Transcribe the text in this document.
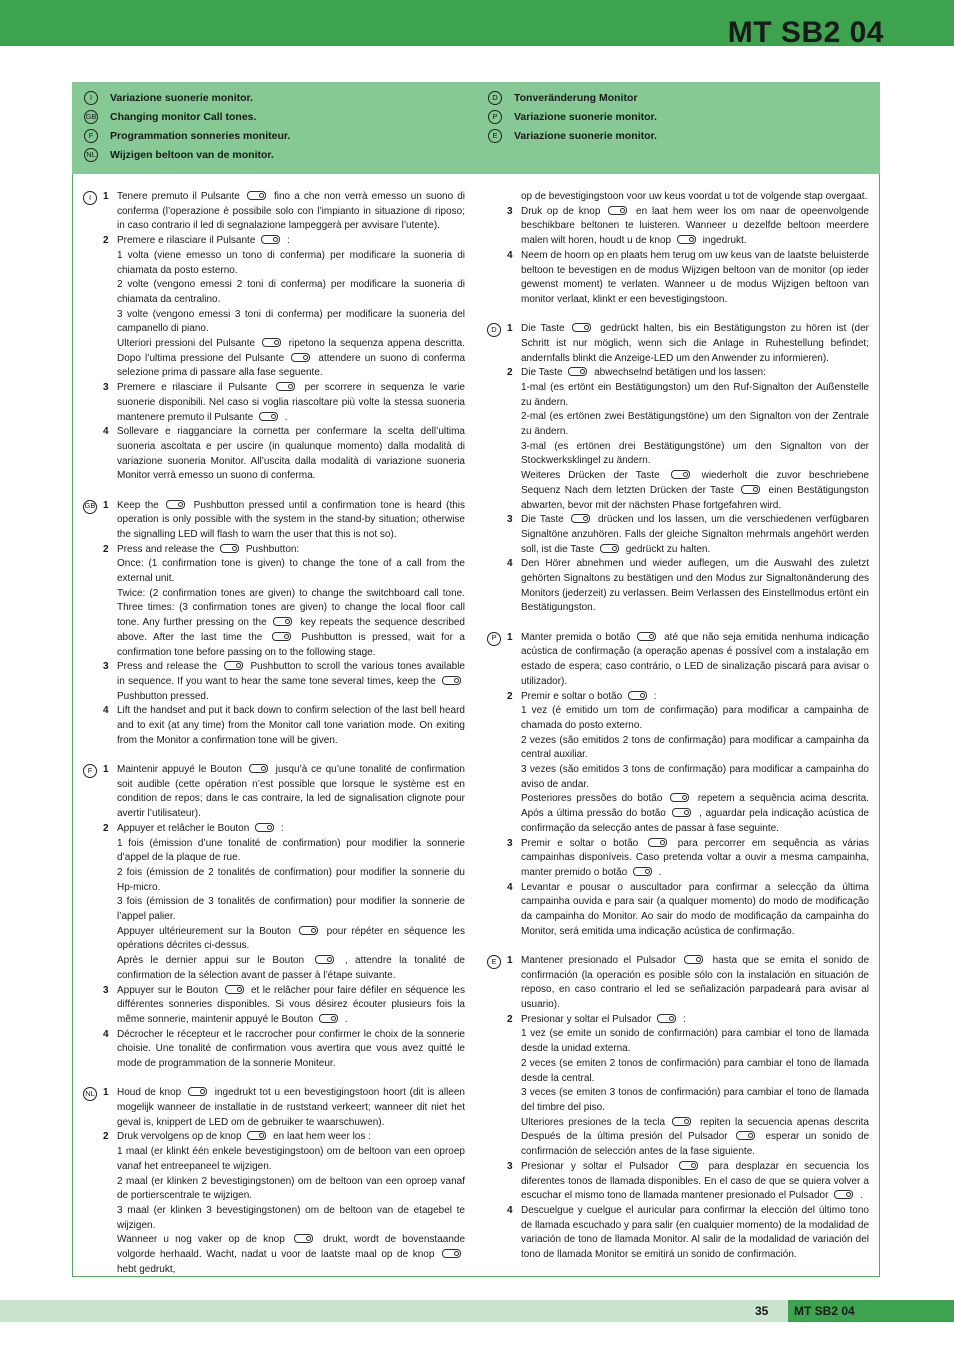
MT SB2 04
I	Variazione suonerie monitor.
GB Changing monitor Call tones.
F	Programmation sonneries moniteur.
NL Wijzigen beltoon van de monitor.
D	Tonveränderung Monitor
P	Variazione suonerie monitor.
E	Variazione suonerie monitor.
I	1 Tenere premuto il Pulsante	fino a che non verrà emesso un suono di conferma (l’operazione è possibile solo con l’impianto in situazione di riposo; in caso contrario il led di segnalazione lampeggerà per avvisare l’utente).

2 Premere e rilasciare il Pulsante	:

1 volta (viene emesso un tono di conferma) per modificare la suoneria di chiamata da posto esterno.

2 volte (vengono emessi 2 toni di conferma) per modificare la suoneria di chiamata da centralino.

3 volte (vengono emessi 3 toni di conferma) per modificare la suoneria del campanello di piano.

Ulteriori pressioni del Pulsante	ripetono la sequenza appena descritta. Dopo l’ultima pressione del Pulsante	attendere un suono di conferma selezione prima di passare alla fase seguente.

3 Premere e rilasciare il Pulsante	per scorrere in sequenza le varie suonerie disponibili. Nel caso si voglia riascoltare più volte la stessa suoneria mantenere premuto il Pulsante	.

4 Sollevare e riagganciare la cornetta per confermare la scelta dell’ultima suoneria ascoltata e per uscire (in qualunque momento) dalla modalità di variazione suoneria Monitor. All’uscita dalla modalità di variazione suoneria Monitor verrà emesso un suono di conferma.

GB 1 Keep the	Pushbutton pressed until a confirmation tone is heard (this operation is only possible with the system in the stand-by situation; otherwise the signalling LED will flash to warn the user that this is not so).

2 Press and release the	Pushbutton:

Once: (1 confirmation tone is given) to change the tone of a call from the external unit.

Twice: (2 confirmation tones are given) to change the switchboard call tone. Three times: (3 confirmation tones are given) to change the local floor call tone. Any further pressing on the	key repeats the sequence described above. After the last time the	Pushbutton is pressed, wait for a confirmation tone before passing on to the following stage.

3 Press and release the	Pushbutton to scroll the various tones available in sequence. If you want to hear the same tone several times, keep the  Pushbutton pressed.

4 Lift the handset and put it back down to confirm selection of the last bell heard and to exit (at any time) from the Monitor call tone variation mode. On exiting from the Monitor a confirmation tone will be given.

F	1 Maintenir appuyé le Bouton	jusqu’à ce qu’une tonalité de confirmation soit audible (cette opération n’est possible que lorsque le système est en condition de repos; dans le cas contraire, la led de signalisation clignote pour avertir l’utilisateur).

2 Appuyer et relâcher le Bouton	:

1 fois (émission d’une tonalité de confirmation) pour modifier la sonnerie d’appel de la plaque de rue.

2 fois (émission de 2 tonalités de confirmation) pour modifier la sonnerie du Hp-micro.

3 fois (émission de 3 tonalités de confirmation) pour modifier la sonnerie de l’appel palier.

Appuyer ultérieurement sur la Bouton	pour répéter en séquence les opérations décrites ci-dessus.

Après le dernier appui sur le Bouton	, attendre la tonalité de confirmation de la sélection avant de passer à l’étape suivante.

3 Appuyer sur le Bouton	et le relâcher pour faire défiler en séquence les différentes sonneries disponibles. Si vous désirez écouter plusieurs fois la même sonnerie, maintenir appuyé le Bouton	.

4 Décrocher le récepteur et le raccrocher pour confirmer le choix de la sonnerie choisie. Une tonalité de confirmation vous avertira que vous avez quitté le mode de programmation de la sonnerie Moniteur.

NL 1 Houd de knop	ingedrukt tot u een bevestigingstoon hoort (dit is alleen mogelijk wanneer de installatie in de ruststand verkeert; wanneer dit niet het geval is, knippert de LED om de gebruiker te waarschuwen).

2 Druk vervolgens op de knop	en laat hem weer los :

1 maal (er klinkt één enkele bevestigingstoon) om de beltoon van een oproep vanaf het entreepaneel te wijzigen.

2 maal (er klinken 2 bevestigingstonen) om de beltoon van een oproep vanaf de portierscentrale te wijzigen.

3 maal (er klinken 3 bevestigingstonen) om de beltoon van de etagebel te wijzigen.

Wanneer u nog vaker op de knop	drukt, wordt de bovenstaande volgorde herhaald. Wacht, nadat u voor de laatste maal op de knop  hebt gedrukt,

op de bevestigingstoon voor uw keus voordat u tot de volgende stap overgaat.

3 Druk op de knop	en laat hem weer los om naar de opeenvolgende beschikbare beltonen te luisteren. Wanneer u dezelfde beltoon meerdere malen wilt horen, houdt u de knop	ingedrukt.

4 Neem de hoorn op en plaats hem terug om uw keus van de laatste beluisterde beltoon te bevestigen en de modus Wijzigen beltoon van de monitor (op ieder gewenst moment) te verlaten. Wanneer u de modus Wijzigen beltoon van monitor verlaat, klinkt er een bevestigingstoon.

D	1 Die Taste	gedrückt halten, bis ein Bestätigungston zu hören ist (der Schritt ist nur möglich, wenn sich die Anlage in Ruhestellung befindet; andernfalls blinkt die Anzeige-LED um den Anwender zu informieren).

2 Die Taste	abwechselnd betätigen und los lassen:

1-mal (es ertönt ein Bestätigungston) um den Ruf-Signalton der Außenstelle zu ändern.

2-mal (es ertönen zwei Bestätigungstöne) um den Signalton von der Zentrale zu ändern.

3-mal (es ertönen drei Bestätigungstöne) um den Signalton von der Stockwerksklingel zu ändern.

Weiteres Drücken der Taste	wiederholt die zuvor beschriebene Sequenz Nach dem letzten Drücken der Taste	einen Bestätigungston abwarten, bevor mit der nächsten Phase fortgefahren wird.

3 Die Taste	drücken und los lassen, um die verschiedenen verfügbaren Signaltöne anzuhören. Falls der gleiche Signalton mehrmals angehört werden soll, ist die Taste	gedrückt zu halten.

4 Den Hörer abnehmen und wieder auflegen, um die Auswahl des zuletzt gehörten Signaltons zu bestätigen und den Modus zur Signaltonänderung des Monitors (jederzeit) zu verlassen. Beim Verlassen des Einstellmodus ertönt ein Bestätigungston.

P	1 Manter premida o botão	até que não seja emitida nenhuma indicação acústica de confirmação (a operação apenas é possível com a instalação em estado de espera; caso contrário, o LED de sinalização piscará para avisar o utilizador).

2 Premir e soltar o botão	:

1 vez (é emitido um tom de confirmação) para modificar a campainha de chamada do posto externo.

2 vezes (são emitidos 2 tons de confirmação) para modificar a campainha da central auxiliar.

3 vezes (são emitidos 3 tons de confirmação) para modificar a campainha do aviso de andar.

Posteriores pressões do botão	repetem a sequência acima descrita. Após a última pressão do botão	, aguardar pela indicação acústica de confirmação da selecção antes de passar à fase seguinte.

3 Premir e soltar o botão	para percorrer em sequência as várias campainhas disponíveis. Caso pretenda voltar a ouvir a mesma campainha, manter premido o botão	.

4 Levantar e pousar o auscultador para confirmar a selecção da última campainha ouvida e para sair (a qualquer momento) do modo de modificação da campainha do Monitor. Ao sair do modo de modificação da campainha do Monitor, será emitida uma indicação acústica de confirmação.

E	1 Mantener presionado el Pulsador	hasta que se emita el sonido de confirmación (la operación es posible sólo con la instalación en situación de reposo, en caso contrario el led se señalización parpadeará para avisar al usuario).

2 Presionar y soltar el Pulsador	:

1 vez (se emite un sonido de confirmación) para cambiar el tono de llamada desde la unidad externa.

2 veces (se emiten 2 tonos de confirmación) para cambiar el tono de llamada desde la central.

3 veces (se emiten 3 tonos de confirmación) para cambiar el tono de llamada del timbre del piso.

Ulteriores presiones de la tecla	repiten la secuencia apenas descrita Después de la última presión del Pulsador	esperar un sonido de confirmación de selección antes de la fase siguiente.

3 Presionar y soltar el Pulsador	para desplazar en secuencia los diferentes tonos de llamada disponibles. En el caso de que se quiera volver a escuchar el mismo tono de llamada mantener presionado el Pulsador	.

4 Descuelgue y cuelgue el auricular para confirmar la elección del último tono de llamada escuchado y para salir (en cualquier momento) de la modalidad de variación de tono de llamada Monitor. Al salir de la modalidad de variación del tono de llamada Monitor se emitirá un sonido de confirmación.

35	MT SB2 04
